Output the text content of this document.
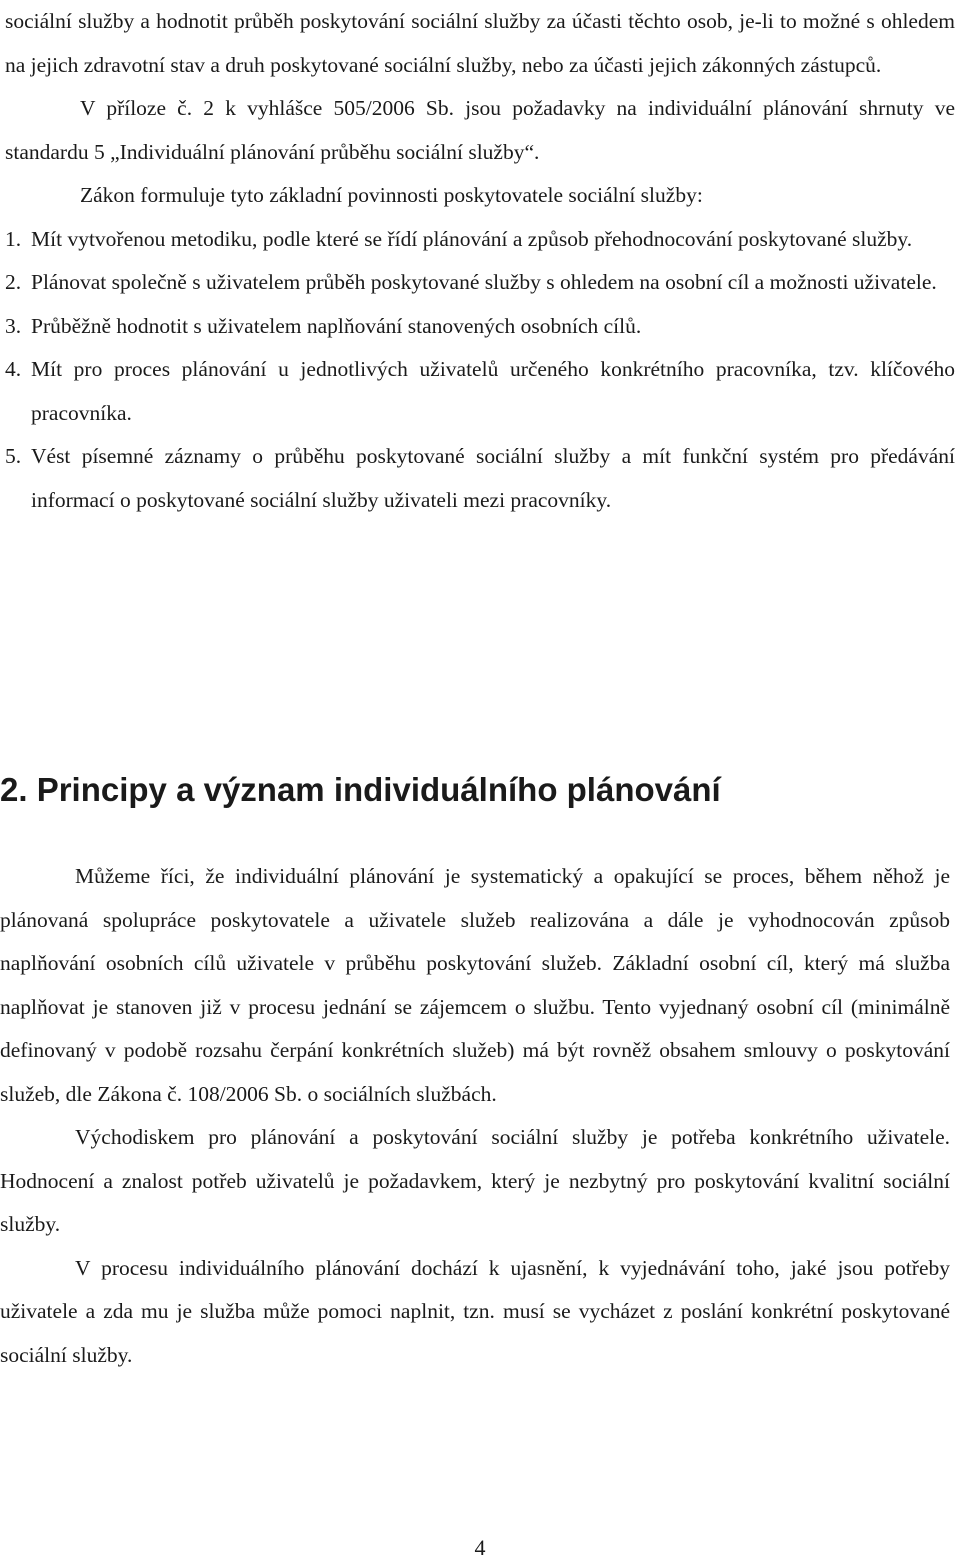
sociální služby a hodnotit průběh poskytování sociální služby za účasti těchto osob, je-li to možné s ohledem na jejich zdravotní stav a druh poskytované sociální služby, nebo za účasti jejich zákonných zástupců.

V příloze č. 2 k vyhlášce 505/2006 Sb. jsou požadavky na individuální plánování shrnuty ve standardu 5 „Individuální plánování průběhu sociální služby“.

Zákon formuluje tyto základní povinnosti poskytovatele sociální služby:

1. Mít vytvořenou metodiku, podle které se řídí plánování a způsob přehodnocování poskytované služby.
2. Plánovat společně s uživatelem průběh poskytované služby s ohledem na osobní cíl a možnosti uživatele.
3. Průběžně hodnotit s uživatelem naplňování stanovených osobních cílů.
4. Mít pro proces plánování u jednotlivých uživatelů určeného konkrétního pracovníka, tzv. klíčového pracovníka.
5. Vést písemné záznamy o průběhu poskytované sociální služby a mít funkční systém pro předávání informací o poskytované sociální služby uživateli mezi pracovníky.
2. Principy a význam individuálního plánování

Můžeme říci, že individuální plánování je systematický a opakující se proces, během něhož je plánovaná spolupráce poskytovatele a uživatele služeb realizována a dále je vyhodnocován způsob naplňování osobních cílů uživatele v průběhu poskytování služeb. Základní osobní cíl, který má služba naplňovat je stanoven již v procesu jednání se zájemcem o službu. Tento vyjednaný osobní cíl (minimálně definovaný v podobě rozsahu čerpání konkrétních služeb) má být rovněž obsahem smlouvy o poskytování služeb, dle Zákona č. 108/2006 Sb. o sociálních službách.

Východiskem pro plánování a poskytování sociální služby je potřeba konkrétního uživatele. Hodnocení a znalost potřeb uživatelů je požadavkem, který je nezbytný pro poskytování kvalitní sociální služby.

V procesu individuálního plánování dochází k ujasnění, k vyjednávání toho, jaké jsou potřeby uživatele a zda mu je služba může pomoci naplnit, tzn. musí se vycházet z poslání konkrétní poskytované sociální služby.

4
